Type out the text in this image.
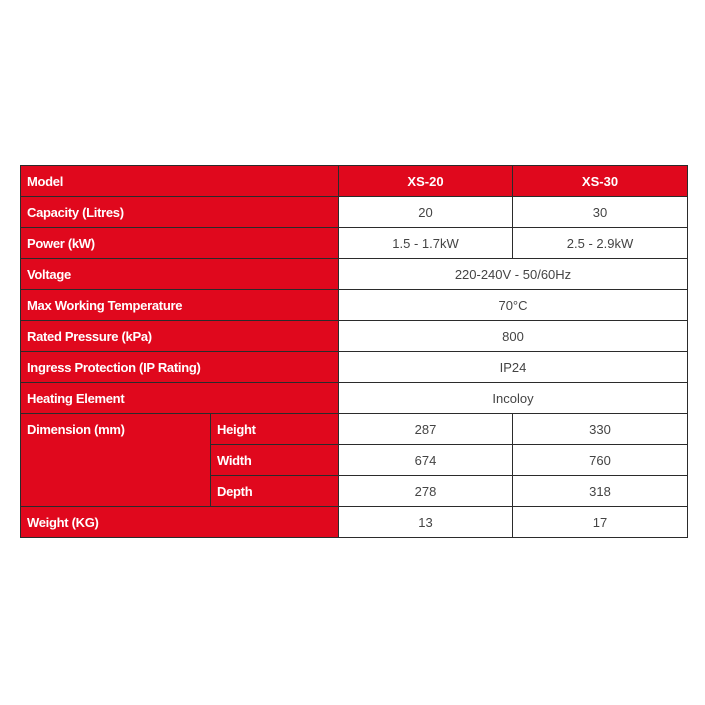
Model		XS-20	XS-30
Capacity (Litres)		20	30
Power (kW)		1.5 - 1.7kW	2.5 - 2.9kW
Voltage		220-240V - 50/60Hz	
Max Working Temperature		70°C	
Rated Pressure (kPa)		800	
Ingress Protection (IP Rating)		IP24	
Heating Element		Incoloy	
Dimension (mm)	Height	287	330
	Width	674	760
	Depth	278	318
Weight (KG)		13	17
